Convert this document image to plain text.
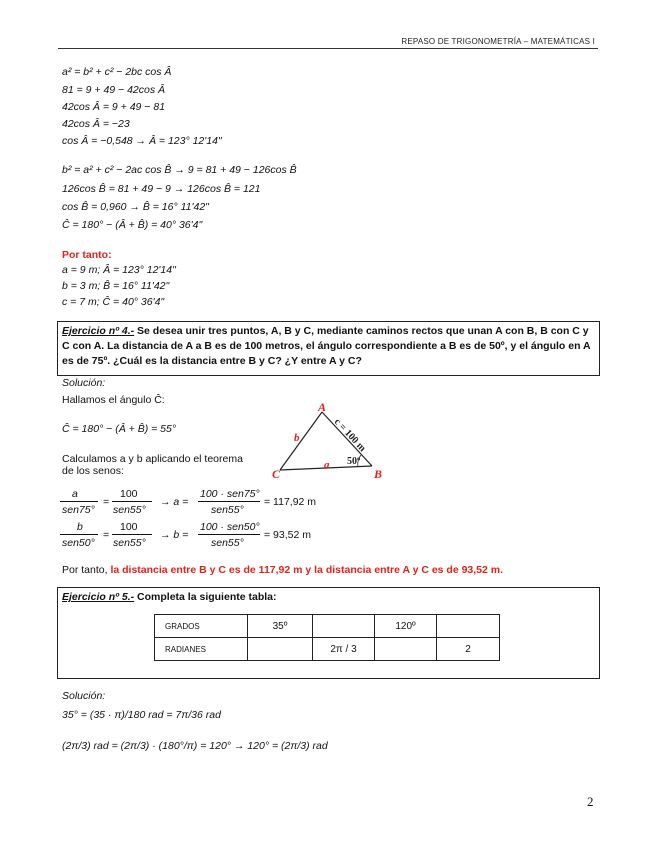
REPASO DE TRIGONOMETRÍA – MATEMÁTICAS I
a² = b² + c² − 2bc cos Â
81 = 9 + 49 − 42cos Â
42cos Â = 9 + 49 − 81
42cos Â = −23
cos Â = −0,548 → Â = 123° 12'14"
b² = a² + c² − 2ac cos B̂ → 9 = 81 + 49 − 126cos B̂
126cos B̂ = 81 + 49 − 9 → 126cos B̂ = 121
cos B̂ = 0,960 → B̂ = 16° 11'42"
Ĉ = 180° − (Â + B̂) = 40° 36'4"
Por tanto:
a = 9 m; Â = 123° 12'14"
b = 3 m; B̂ = 16° 11'42"
c = 7 m; Ĉ = 40° 36'4"
Ejercicio nº 4.- Se desea unir tres puntos, A, B y C, mediante caminos rectos que unan A con B, B con C y C con A. La distancia de A a B es de 100 metros, el ángulo correspondiente a B es de 50º, y el ángulo en A es de 75º. ¿Cuál es la distancia entre B y C? ¿Y entre A y C?
Solución:
Hallamos el ángulo Ĉ:
Ĉ = 180° − (Â + B̂) = 55°
Calculamos a y b aplicando el teorema
de los senos:
A
B
C
b
a
c = 100 m
50º
a
sen75°
=
100
sen55°
→ a =
100 · sen75°
sen55°
= 117,92 m
b
sen50°
=
100
sen55°
→ b =
100 · sen50°
sen55°
= 93,52 m
Por tanto, la distancia entre B y C es de 117,92 m y la distancia entre A y C es de 93,52 m.
Ejercicio nº 5.- Completa la siguiente tabla:
GRADOS	35º		120º	
RADIANES		2π / 3		2
Solución:
35° = (35 · π)/180 rad = 7π/36 rad
(2π/3) rad = (2π/3) · (180°/π) = 120° → 120° = (2π/3) rad
2
